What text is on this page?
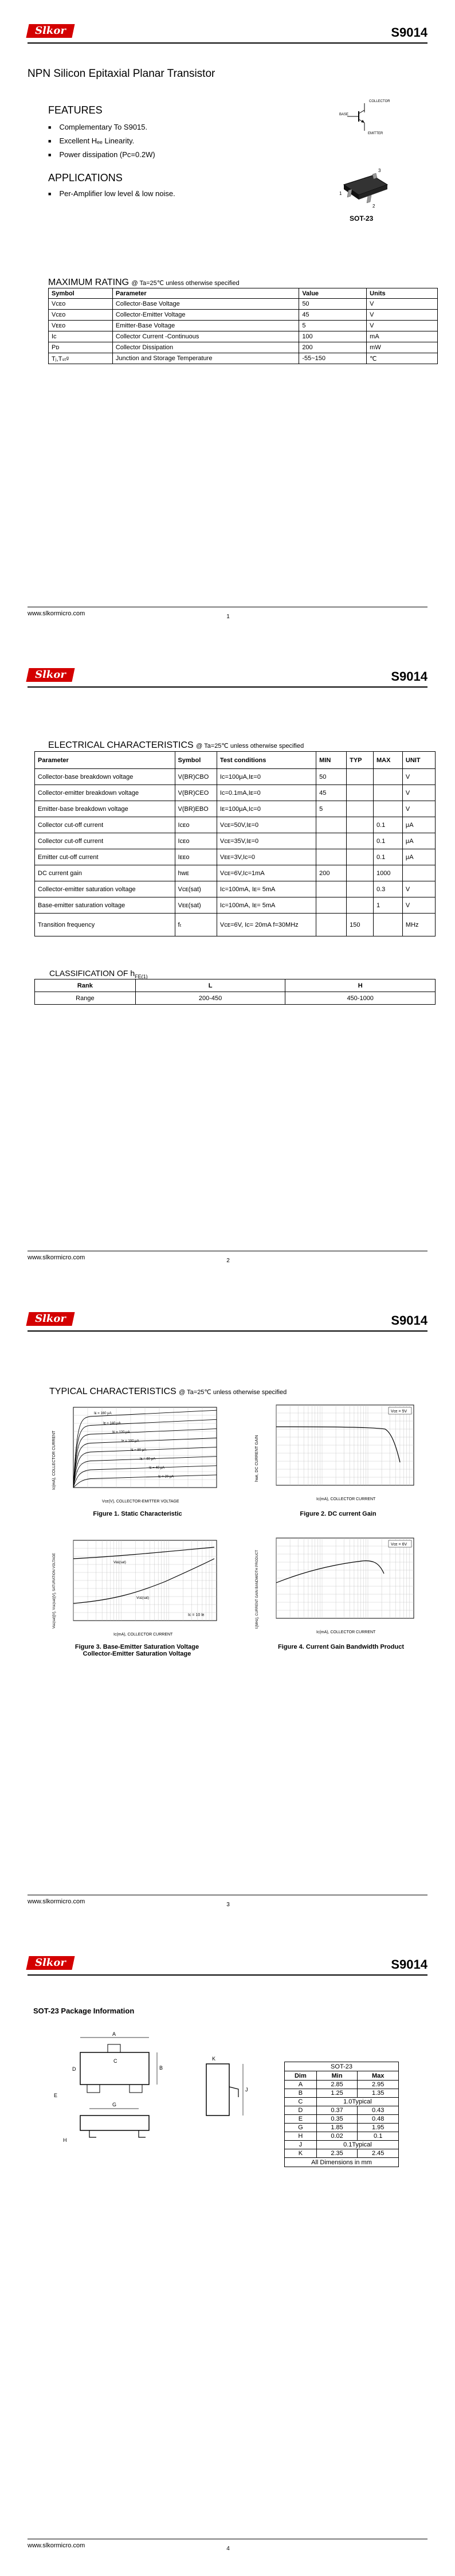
Slkor	S9014
NPN Silicon Epitaxial Planar Transistor
FEATURES
■ Complementary To S9015.
■ Excellent Hₑₑ Linearity.
■ Power dissipation (Pᴄ=0.2W)
APPLICATIONS
■ Per-Amplifier low level & low noise.
COLLECTOR
BASE
EMITTER
3
1
2
SOT-23
MAXIMUM RATING @ Ta=25℃ unless otherwise specified
Symbol	Parameter	Value	Units
Vᴄᴇᴏ	Collector-Base Voltage	50	V
Vᴄᴇᴏ	Collector-Emitter Voltage	45	V
Vᴇᴇᴏ	Emitter-Base Voltage	5	V
Iᴄ	Collector Current -Continuous	100	mA
Pᴅ	Collector Dissipation	200	mW
Tⱼ,Tₛₜᵍ	Junction and Storage Temperature	-55~150	℃
www.slkormicro.com	1
Slkor	S9014
ELECTRICAL CHARACTERISTICS @ Ta=25℃ unless otherwise specified
Parameter	Symbol	Test conditions	MIN	TYP	MAX	UNIT
Collector-base breakdown voltage	V(BR)CBO	Iᴄ=100μA,Iᴇ=0	50			V
Collector-emitter breakdown voltage	V(BR)CEO	Iᴄ=0.1mA,Iᴇ=0	45			V
Emitter-base breakdown voltage	V(BR)EBO	Iᴇ=100μA,Iᴄ=0	5			V
Collector cut-off current	Iᴄᴇᴏ	Vᴄᴇ=50V,Iᴇ=0			0.1	μA
Collector cut-off current	Iᴄᴇᴏ	Vᴄᴇ=35V,Iᴇ=0			0.1	μA
Emitter cut-off current	Iᴇᴇᴏ	Vᴇᴇ=3V,Iᴄ=0			0.1	μA
DC current gain	hᴡᴇ	Vᴄᴇ=6V,Iᴄ=1mA	200		1000	
Collector-emitter saturation voltage	Vᴄᴇ(sat)	Iᴄ=100mA, Iᴇ= 5mA			0.3	V
Base-emitter saturation voltage	Vᴇᴇ(sat)	Iᴄ=100mA, Iᴇ= 5mA			1	V
Transition frequency	fₜ	Vᴄᴇ=6V, Iᴄ= 20mA f=30MHz		150		MHz
CLASSIFICATION OF $h_{FE(1)}$
Rank	L	H
Range	200-450	450-1000
www.slkormicro.com	2
Slkor	S9014
TYPICAL CHARACTERISTICS @ Ta=25℃ unless otherwise specified
Iᴇ = 160 μA
Iᴇ = 140 μA
Iᴇ = 120 μA
Iᴇ = 100 μA
Iᴇ = 80 μA
Iᴇ = 60 μA
Iᴇ = 40 μA
Iᴇ = 20 μA
Iᴄ(mA), COLLECTOR CURRENT
Vᴄᴇ(V), COLLECTOR-EMITTER VOLTAGE
Figure 1. Static Characteristic
Vᴄᴇ = 5V
hᴡᴇ, DC CURRENT GAIN
Iᴄ(mA), COLLECTOR CURRENT
Figure 2. DC current Gain
Vᴇᴇ(sat)
Vᴄᴇ(sat)
Iᴄ = 10 Iᴇ
Vᴇᴇ(sat)[V], Vᴄᴇ(sat)[V], SATURATION VOLTAGE
Iᴄ(mA), COLLECTOR CURRENT
Figure 3. Base-Emitter Saturation Voltage
Collector-Emitter Saturation Voltage
Vᴄᴇ = 6V
fₜ[MHz], CURRENT GAIN BANDWIDTH PRODUCT
Iᴄ(mA), COLLECTOR CURRENT
Figure 4. Current Gain Bandwidth Product
www.slkormicro.com	3
Slkor	S9014
SOT-23 Package Information
A
B
C
D
E
G
H
J
K
SOT-23		
Dim	Min	Max
A	2.85	2.95
B	1.25	1.35
C	1.0Typical	
D	0.37	0.43
E	0.35	0.48
G	1.85	1.95
H	0.02	0.1
J	0.1Typical	
K	2.35	2.45
All Dimensions in mm		
www.slkormicro.com	4
